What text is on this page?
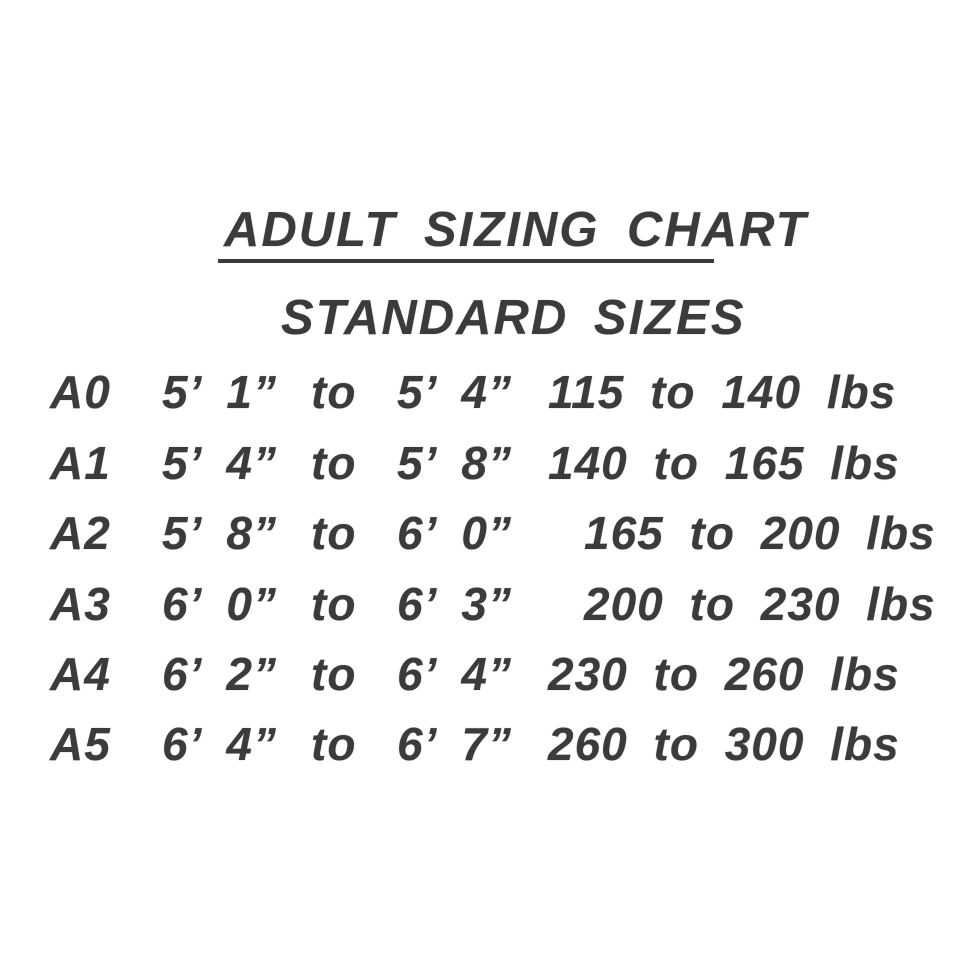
ADULT SIZING CHART
STANDARD SIZES
A0 5’ 1” to 5’ 4” 115 to 140 lbs
A1 5’ 4” to 5’ 8” 140 to 165 lbs
A2 5’ 8” to 6’ 0” 165 to 200 lbs
A3 6’ 0” to 6’ 3” 200 to 230 lbs
A4 6’ 2” to 6’ 4” 230 to 260 lbs
A5 6’ 4” to 6’ 7” 260 to 300 lbs
